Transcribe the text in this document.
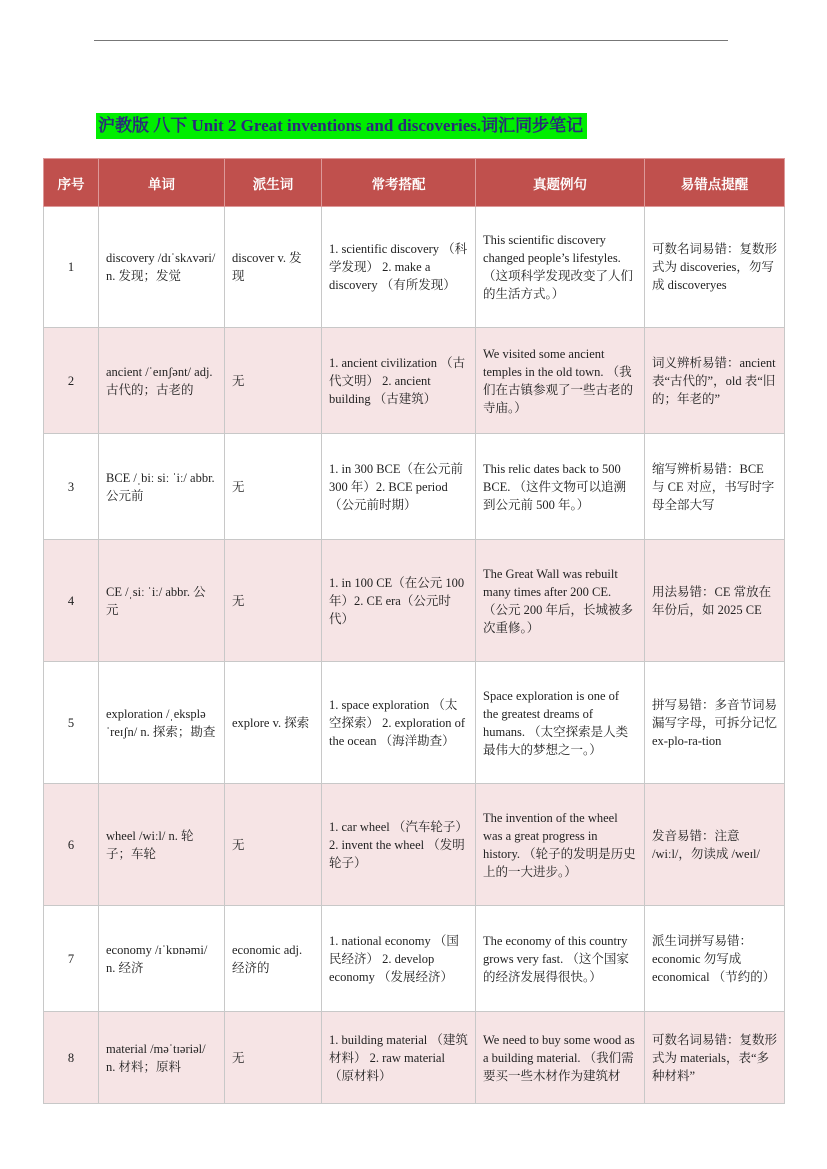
沪教版 八下 Unit 2 Great inventions and discoveries.词汇同步笔记
序号	单词	派生词	常考搭配	真题例句	易错点提醒
1	discovery /dɪˈskʌvəri/ n. 发现；发觉	discover v. 发现	1. scientific discovery （科学发现） 2. make a discovery （有所发现）	This scientific discovery changed people’s lifestyles. （这项科学发现改变了人们的生活方式。）	可数名词易错：复数形式为 discoveries，勿写成 discoveryes
2	ancient /ˈeɪnʃənt/ adj. 古代的；古老的	无	1. ancient civilization （古代文明） 2. ancient building （古建筑）	We visited some ancient temples in the old town. （我们在古镇参观了一些古老的寺庙。）	词义辨析易错：ancient 表“古代的”，old 表“旧的；年老的”
3	BCE /ˌbiː siː ˈiː/ abbr. 公元前	无	1. in 300 BCE（在公元前 300 年）2. BCE period （公元前时期）	This relic dates back to 500 BCE. （这件文物可以追溯到公元前 500 年。）	缩写辨析易错：BCE 与 CE 对应，书写时字母全部大写
4	CE /ˌsiː ˈiː/ abbr. 公元	无	1. in 100 CE（在公元 100 年）2. CE era（公元时代）	The Great Wall was rebuilt many times after 200 CE. （公元 200 年后，长城被多次重修。）	用法易错：CE 常放在年份后，如 2025 CE
5	exploration /ˌekspləˈreɪʃn/ n. 探索；勘查	explore v. 探索	1. space exploration （太空探索） 2. exploration of the ocean （海洋勘查）	Space exploration is one of the greatest dreams of humans. （太空探索是人类最伟大的梦想之一。）	拼写易错：多音节词易漏写字母，可拆分记忆 ex-plo-ra-tion
6	wheel /wiːl/ n. 轮子；车轮	无	1. car wheel （汽车轮子）2. invent the wheel （发明轮子）	The invention of the wheel was a great progress in history. （轮子的发明是历史上的一大进步。）	发音易错：注意 /wiːl/，勿读成 /weɪl/
7	economy /ɪˈkɒnəmi/ n. 经济	economic adj. 经济的	1. national economy （国民经济） 2. develop economy （发展经济）	The economy of this country grows very fast. （这个国家的经济发展得很快。）	派生词拼写易错：economic 勿写成 economical （节约的）
8	material /məˈtɪəriəl/ n. 材料；原料	无	1. building material （建筑材料） 2. raw material （原材料）	We need to buy some wood as a building material. （我们需要买一些木材作为建筑材	可数名词易错：复数形式为 materials，表“多种材料”
